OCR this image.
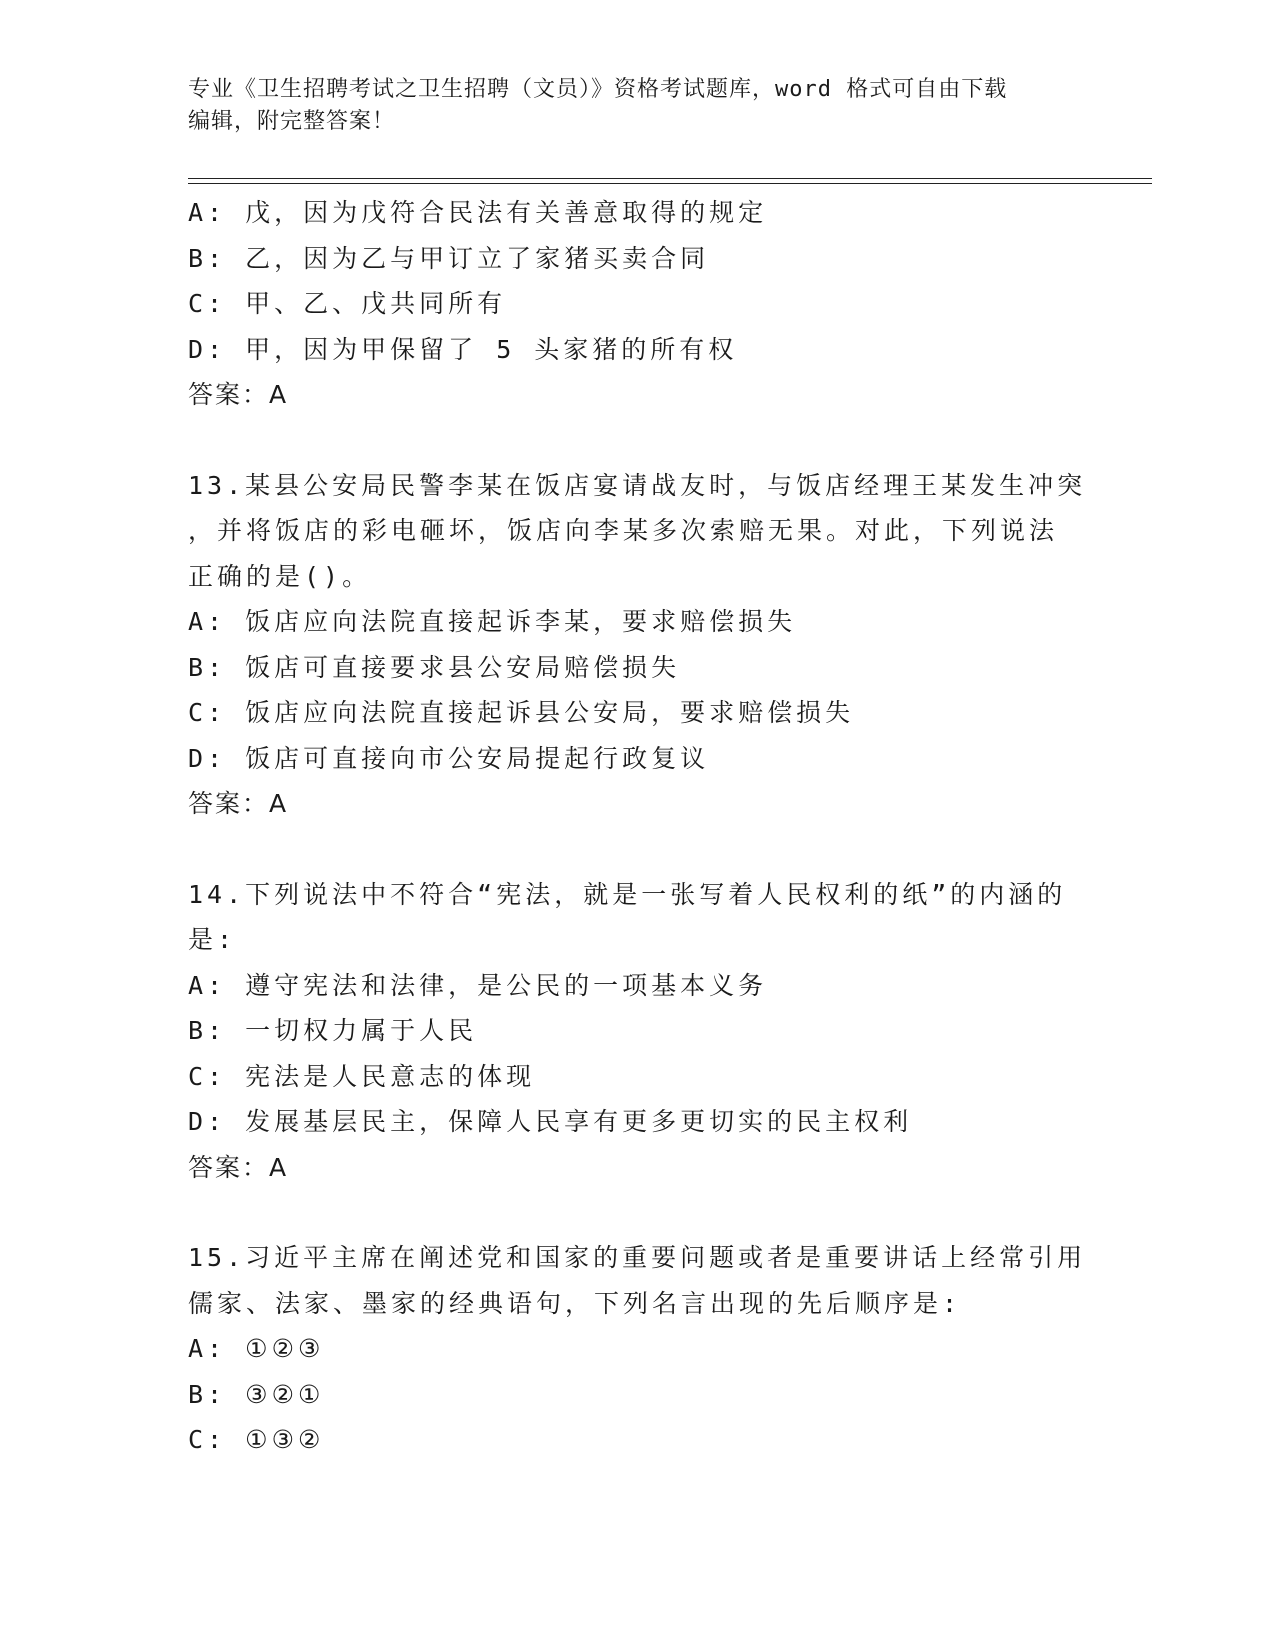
专业《卫生招聘考试之卫生招聘（文员）》资格考试题库，word 格式可自由下载
编辑，附完整答案！
A: 戊，因为戊符合民法有关善意取得的规定
B: 乙，因为乙与甲订立了家猪买卖合同
C: 甲、乙、戊共同所有
D: 甲，因为甲保留了 5 头家猪的所有权
答案：A
13.某县公安局民警李某在饭店宴请战友时，与饭店经理王某发生冲突
，并将饭店的彩电砸坏，饭店向李某多次索赔无果。对此，下列说法
正确的是()。
A: 饭店应向法院直接起诉李某，要求赔偿损失
B: 饭店可直接要求县公安局赔偿损失
C: 饭店应向法院直接起诉县公安局，要求赔偿损失
D: 饭店可直接向市公安局提起行政复议
答案：A
14.下列说法中不符合“宪法，就是一张写着人民权利的纸”的内涵的
是:
A: 遵守宪法和法律，是公民的一项基本义务
B: 一切权力属于人民
C: 宪法是人民意志的体现
D: 发展基层民主，保障人民享有更多更切实的民主权利
答案：A
15.习近平主席在阐述党和国家的重要问题或者是重要讲话上经常引用
儒家、法家、墨家的经典语句，下列名言出现的先后顺序是:
A: ①②③
B: ③②①
C: ①③②
